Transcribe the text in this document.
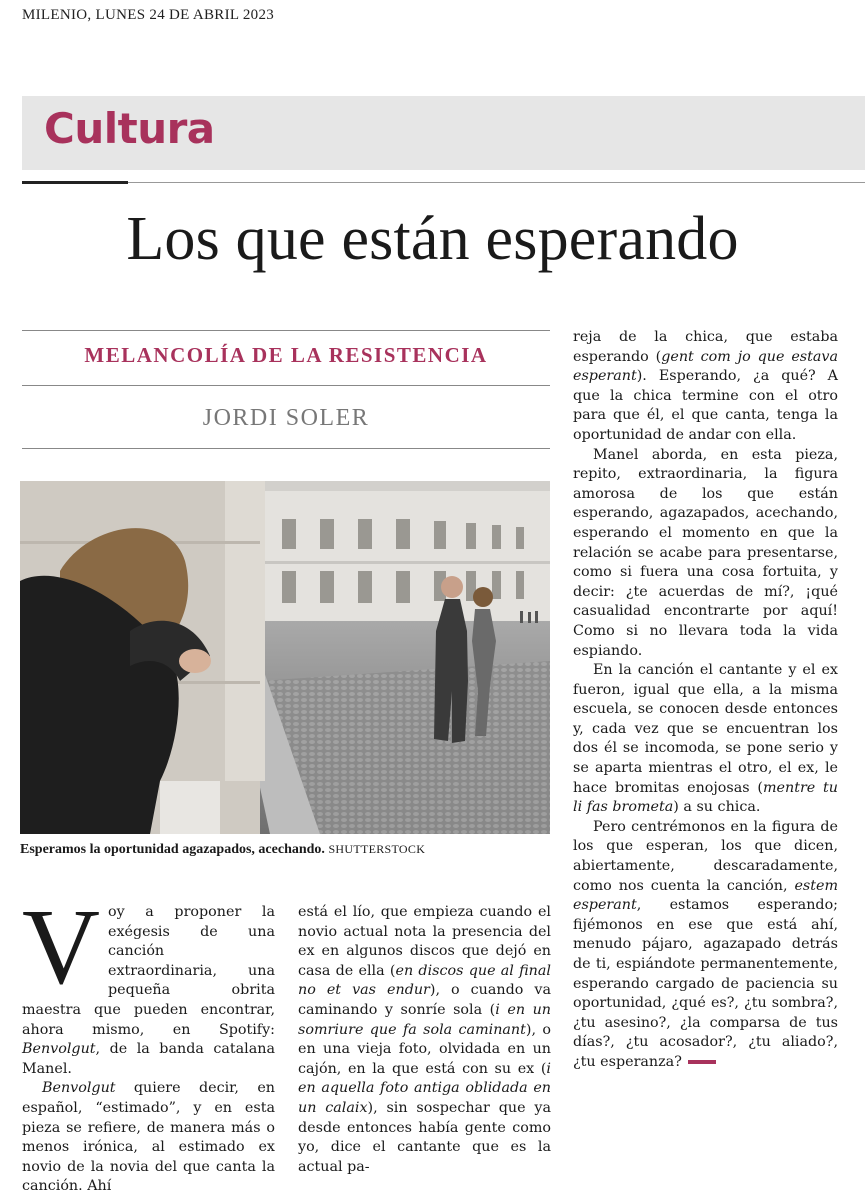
MILENIO, LUNES 24 DE ABRIL 2023
Cultura
Los que están esperando
MELANCOLÍA DE LA RESISTENCIA
JORDI SOLER
Esperamos la oportunidad agazapados, acechando. SHUTTERSTOCK

Voy a proponer la exégesis de una canción extraordinaria, una pequeña obrita maestra que pueden encontrar, ahora mismo, en Spotify: Benvolgut, de la banda catalana Manel.

Benvolgut quiere decir, en español, “estimado”, y en esta pieza se refiere, de manera más o menos irónica, al estimado ex novio de la novia del que canta la canción. Ahí

está el lío, que empieza cuando el novio actual nota la presencia del ex en algunos discos que dejó en casa de ella (en discos que al final no et vas endur), o cuando va caminando y sonríe sola (i en un somriure que fa sola caminant), o en una vieja foto, olvidada en un cajón, en la que está con su ex (i en aquella foto antiga oblidada en un calaix), sin sospechar que ya desde entonces había gente como yo, dice el cantante que es la actual pa-

reja de la chica, que estaba esperando (gent com jo que estava esperant). Esperando, ¿a qué? A que la chica termine con el otro para que él, el que canta, tenga la oportunidad de andar con ella.

Manel aborda, en esta pieza, repito, extraordinaria, la figura amorosa de los que están esperando, agazapados, acechando, esperando el momento en que la relación se acabe para presentarse, como si fuera una cosa fortuita, y decir: ¿te acuerdas de mí?, ¡qué casualidad encontrarte por aquí! Como si no llevara toda la vida espiando.

En la canción el cantante y el ex fueron, igual que ella, a la misma escuela, se conocen desde entonces y, cada vez que se encuentran los dos él se incomoda, se pone serio y se aparta mientras el otro, el ex, le hace bromitas enojosas (mentre tu li fas brometa) a su chica.

Pero centrémonos en la figura de los que esperan, los que dicen, abiertamente, descaradamente, como nos cuenta la canción, estem esperant, estamos esperando; fijémonos en ese que está ahí, menudo pájaro, agazapado detrás de ti, espiándote permanentemente, esperando cargado de paciencia su oportunidad, ¿qué es?, ¿tu sombra?, ¿tu asesino?, ¿la comparsa de tus días?, ¿tu acosador?, ¿tu aliado?, ¿tu esperanza?
